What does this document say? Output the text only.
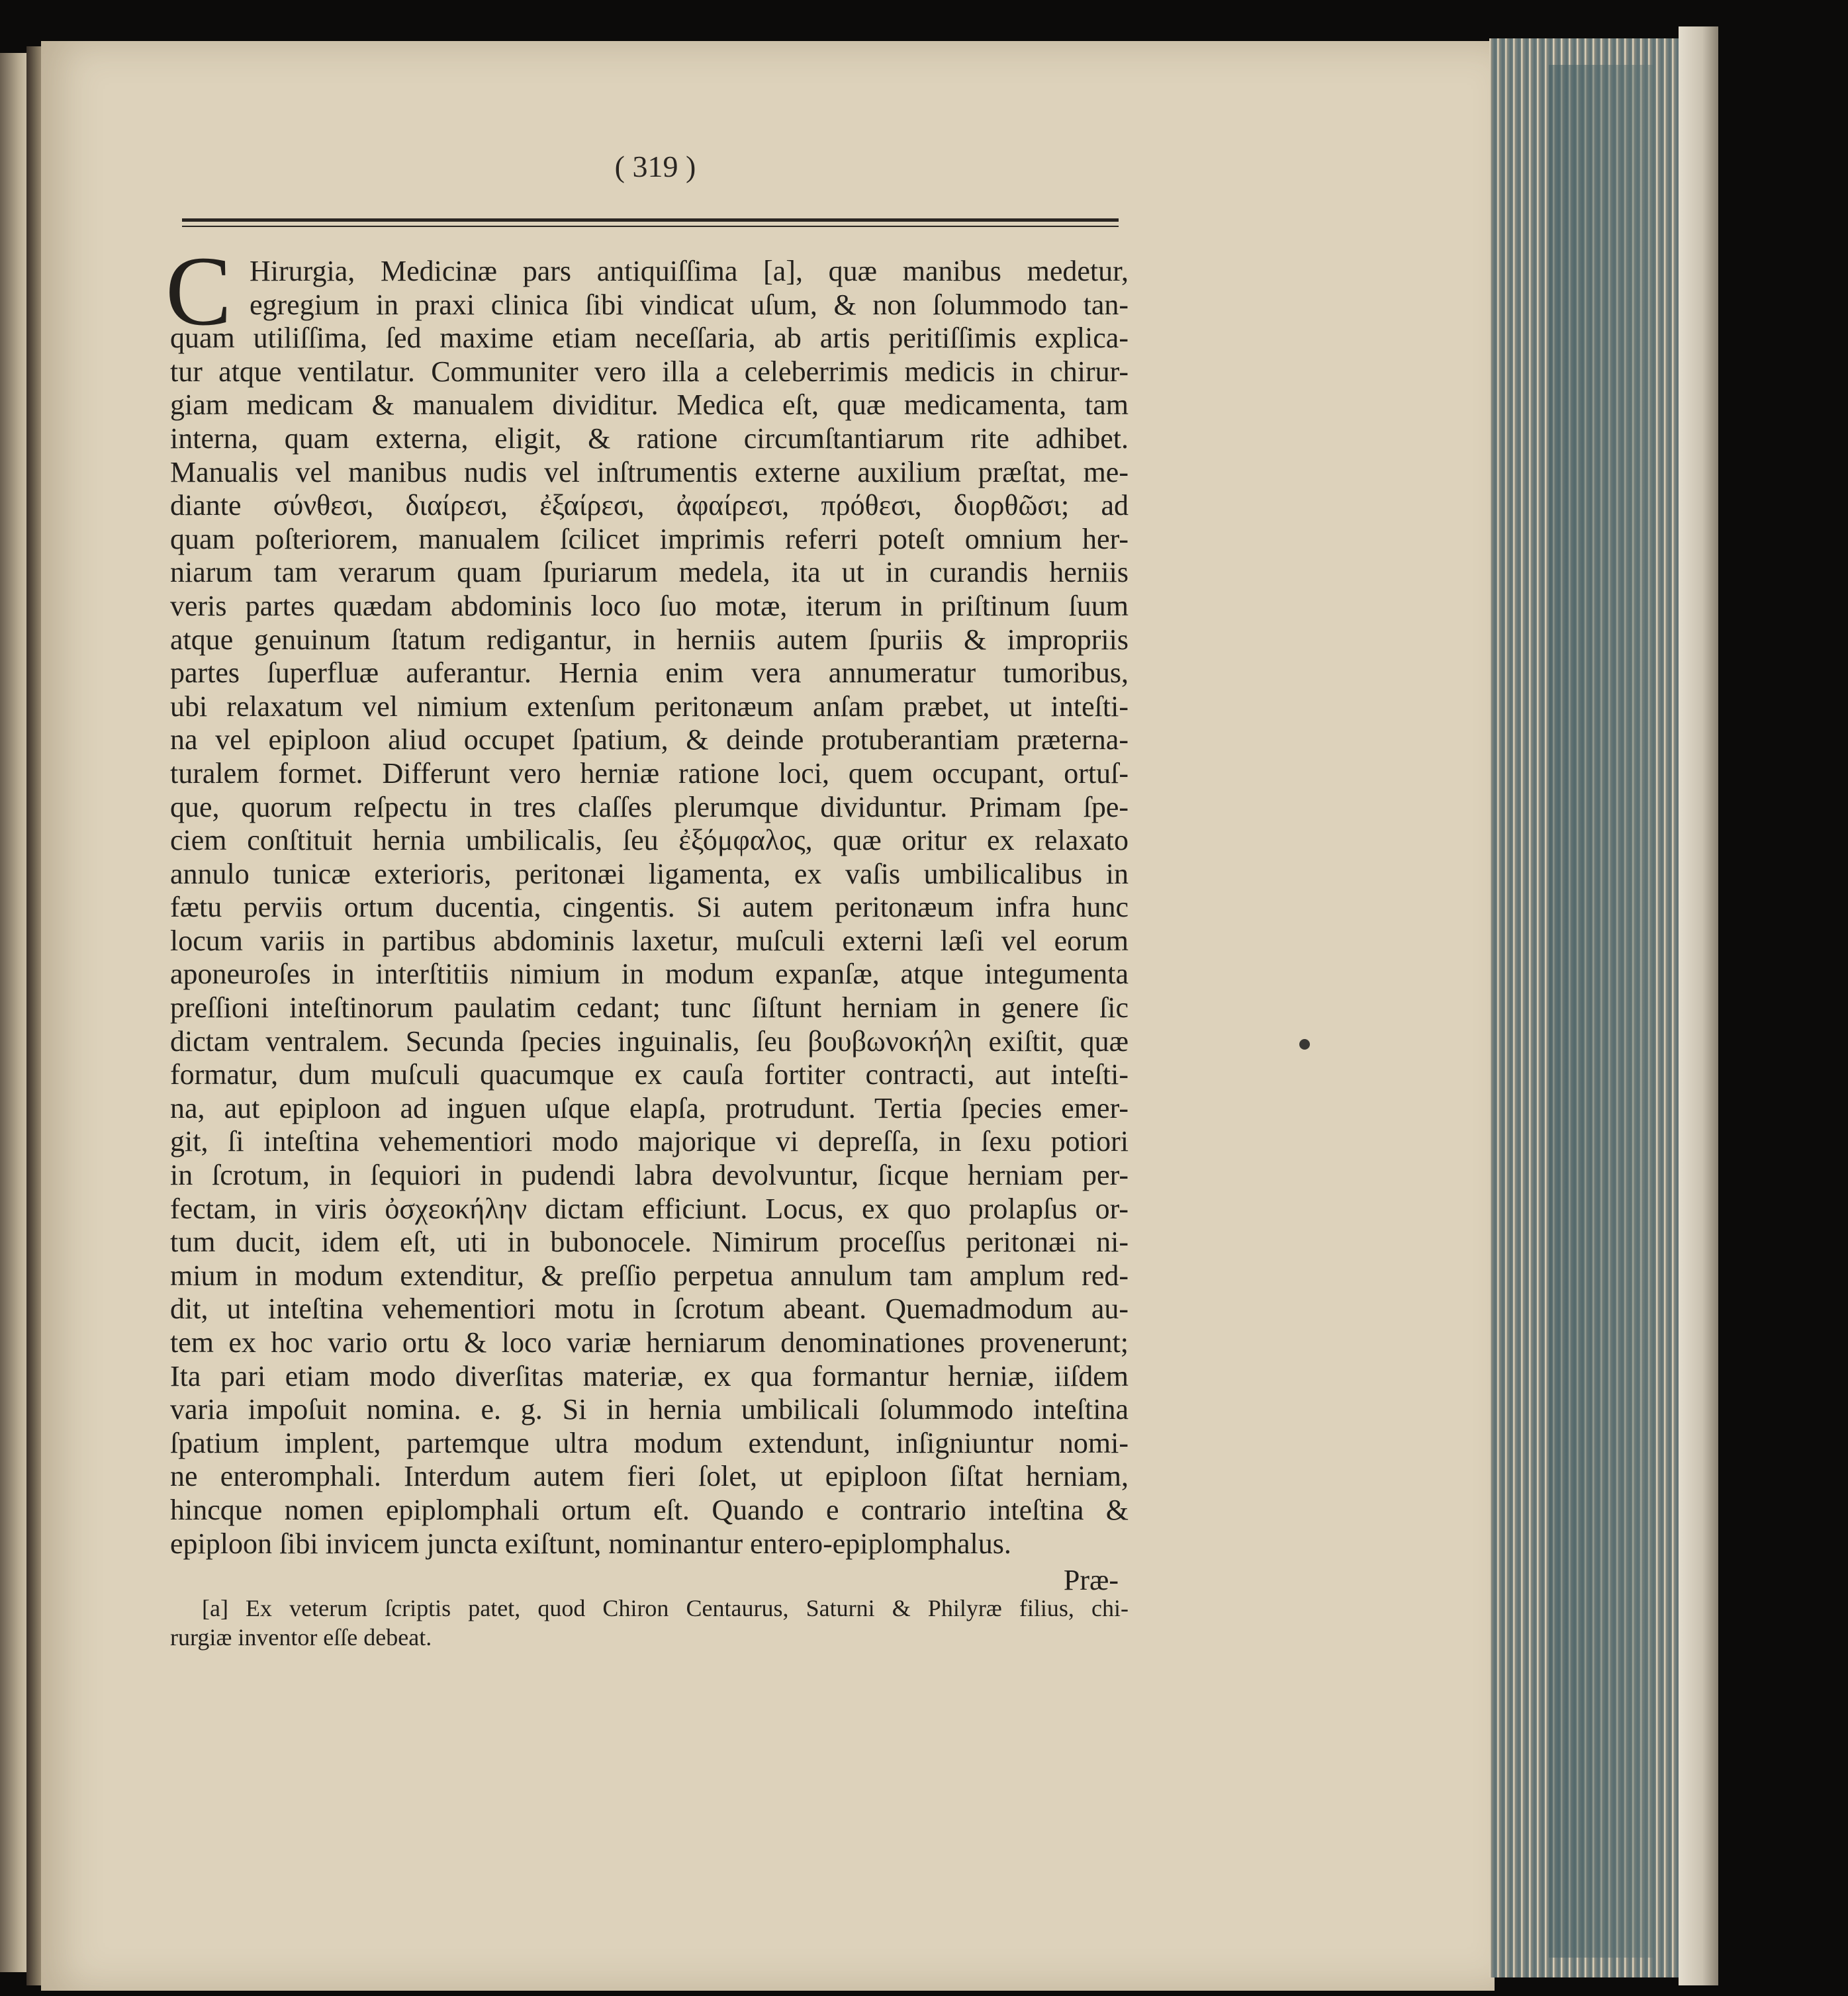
( 319 )
C Hirurgia, Medicinæ pars antiquiſſima [a], quæ manibus medetur,
egregium in praxi clinica ſibi vindicat uſum, & non ſolummodo tan-
quam utiliſſima, ſed maxime etiam neceſſaria, ab artis peritiſſimis explica-
tur atque ventilatur. Communiter vero illa a celeberrimis medicis in chirur-
giam medicam & manualem dividitur. Medica eſt, quæ medicamenta, tam
interna, quam externa, eligit, & ratione circumſtantiarum rite adhibet.
Manualis vel manibus nudis vel inſtrumentis externe auxilium præſtat, me-
diante σύνθεσι, διαίρεσι, ἐξαίρεσι, ἀφαίρεσι, πρόθεσι, διορθῶσι; ad
quam poſteriorem, manualem ſcilicet imprimis referri poteſt omnium her-
niarum tam verarum quam ſpuriarum medela, ita ut in curandis herniis
veris partes quædam abdominis loco ſuo motæ, iterum in priſtinum ſuum
atque genuinum ſtatum redigantur, in herniis autem ſpuriis & impropriis
partes ſuperfluæ auferantur. Hernia enim vera annumeratur tumoribus,
ubi relaxatum vel nimium extenſum peritonæum anſam præbet, ut inteſti-
na vel epiploon aliud occupet ſpatium, & deinde protuberantiam præterna-
turalem formet. Differunt vero herniæ ratione loci, quem occupant, ortuſ-
que, quorum reſpectu in tres claſſes plerumque dividuntur. Primam ſpe-
ciem conſtituit hernia umbilicalis, ſeu ἐξόμφαλος, quæ oritur ex relaxato
annulo tunicæ exterioris, peritonæi ligamenta, ex vaſis umbilicalibus in
fætu perviis ortum ducentia, cingentis. Si autem peritonæum infra hunc
locum variis in partibus abdominis laxetur, muſculi externi læſi vel eorum
aponeuroſes in interſtitiis nimium in modum expanſæ, atque integumenta
preſſioni inteſtinorum paulatim cedant; tunc ſiſtunt herniam in genere ſic
dictam ventralem. Secunda ſpecies inguinalis, ſeu βουβωνοκήλη exiſtit, quæ
formatur, dum muſculi quacumque ex cauſa fortiter contracti, aut inteſti-
na, aut epiploon ad inguen uſque elapſa, protrudunt. Tertia ſpecies emer-
git, ſi inteſtina vehementiori modo majorique vi depreſſa, in ſexu potiori
in ſcrotum, in ſequiori in pudendi labra devolvuntur, ſicque herniam per-
fectam, in viris ὀσχεοκήλην dictam efficiunt. Locus, ex quo prolapſus or-
tum ducit, idem eſt, uti in bubonocele. Nimirum proceſſus peritonæi ni-
mium in modum extenditur, & preſſio perpetua annulum tam amplum red-
dit, ut inteſtina vehementiori motu in ſcrotum abeant. Quemadmodum au-
tem ex hoc vario ortu & loco variæ herniarum denominationes provenerunt;
Ita pari etiam modo diverſitas materiæ, ex qua formantur herniæ, iiſdem
varia impoſuit nomina. e. g. Si in hernia umbilicali ſolummodo inteſtina
ſpatium implent, partemque ultra modum extendunt, inſigniuntur nomi-
ne enteromphali. Interdum autem fieri ſolet, ut epiploon ſiſtat herniam,
hincque nomen epiplomphali ortum eſt. Quando e contrario inteſtina &
epiploon ſibi invicem juncta exiſtunt, nominantur entero-epiplomphalus.
Præ-
[a] Ex veterum ſcriptis patet, quod Chiron Centaurus, Saturni & Philyræ filius, chi-
rurgiæ inventor eſſe debeat.
